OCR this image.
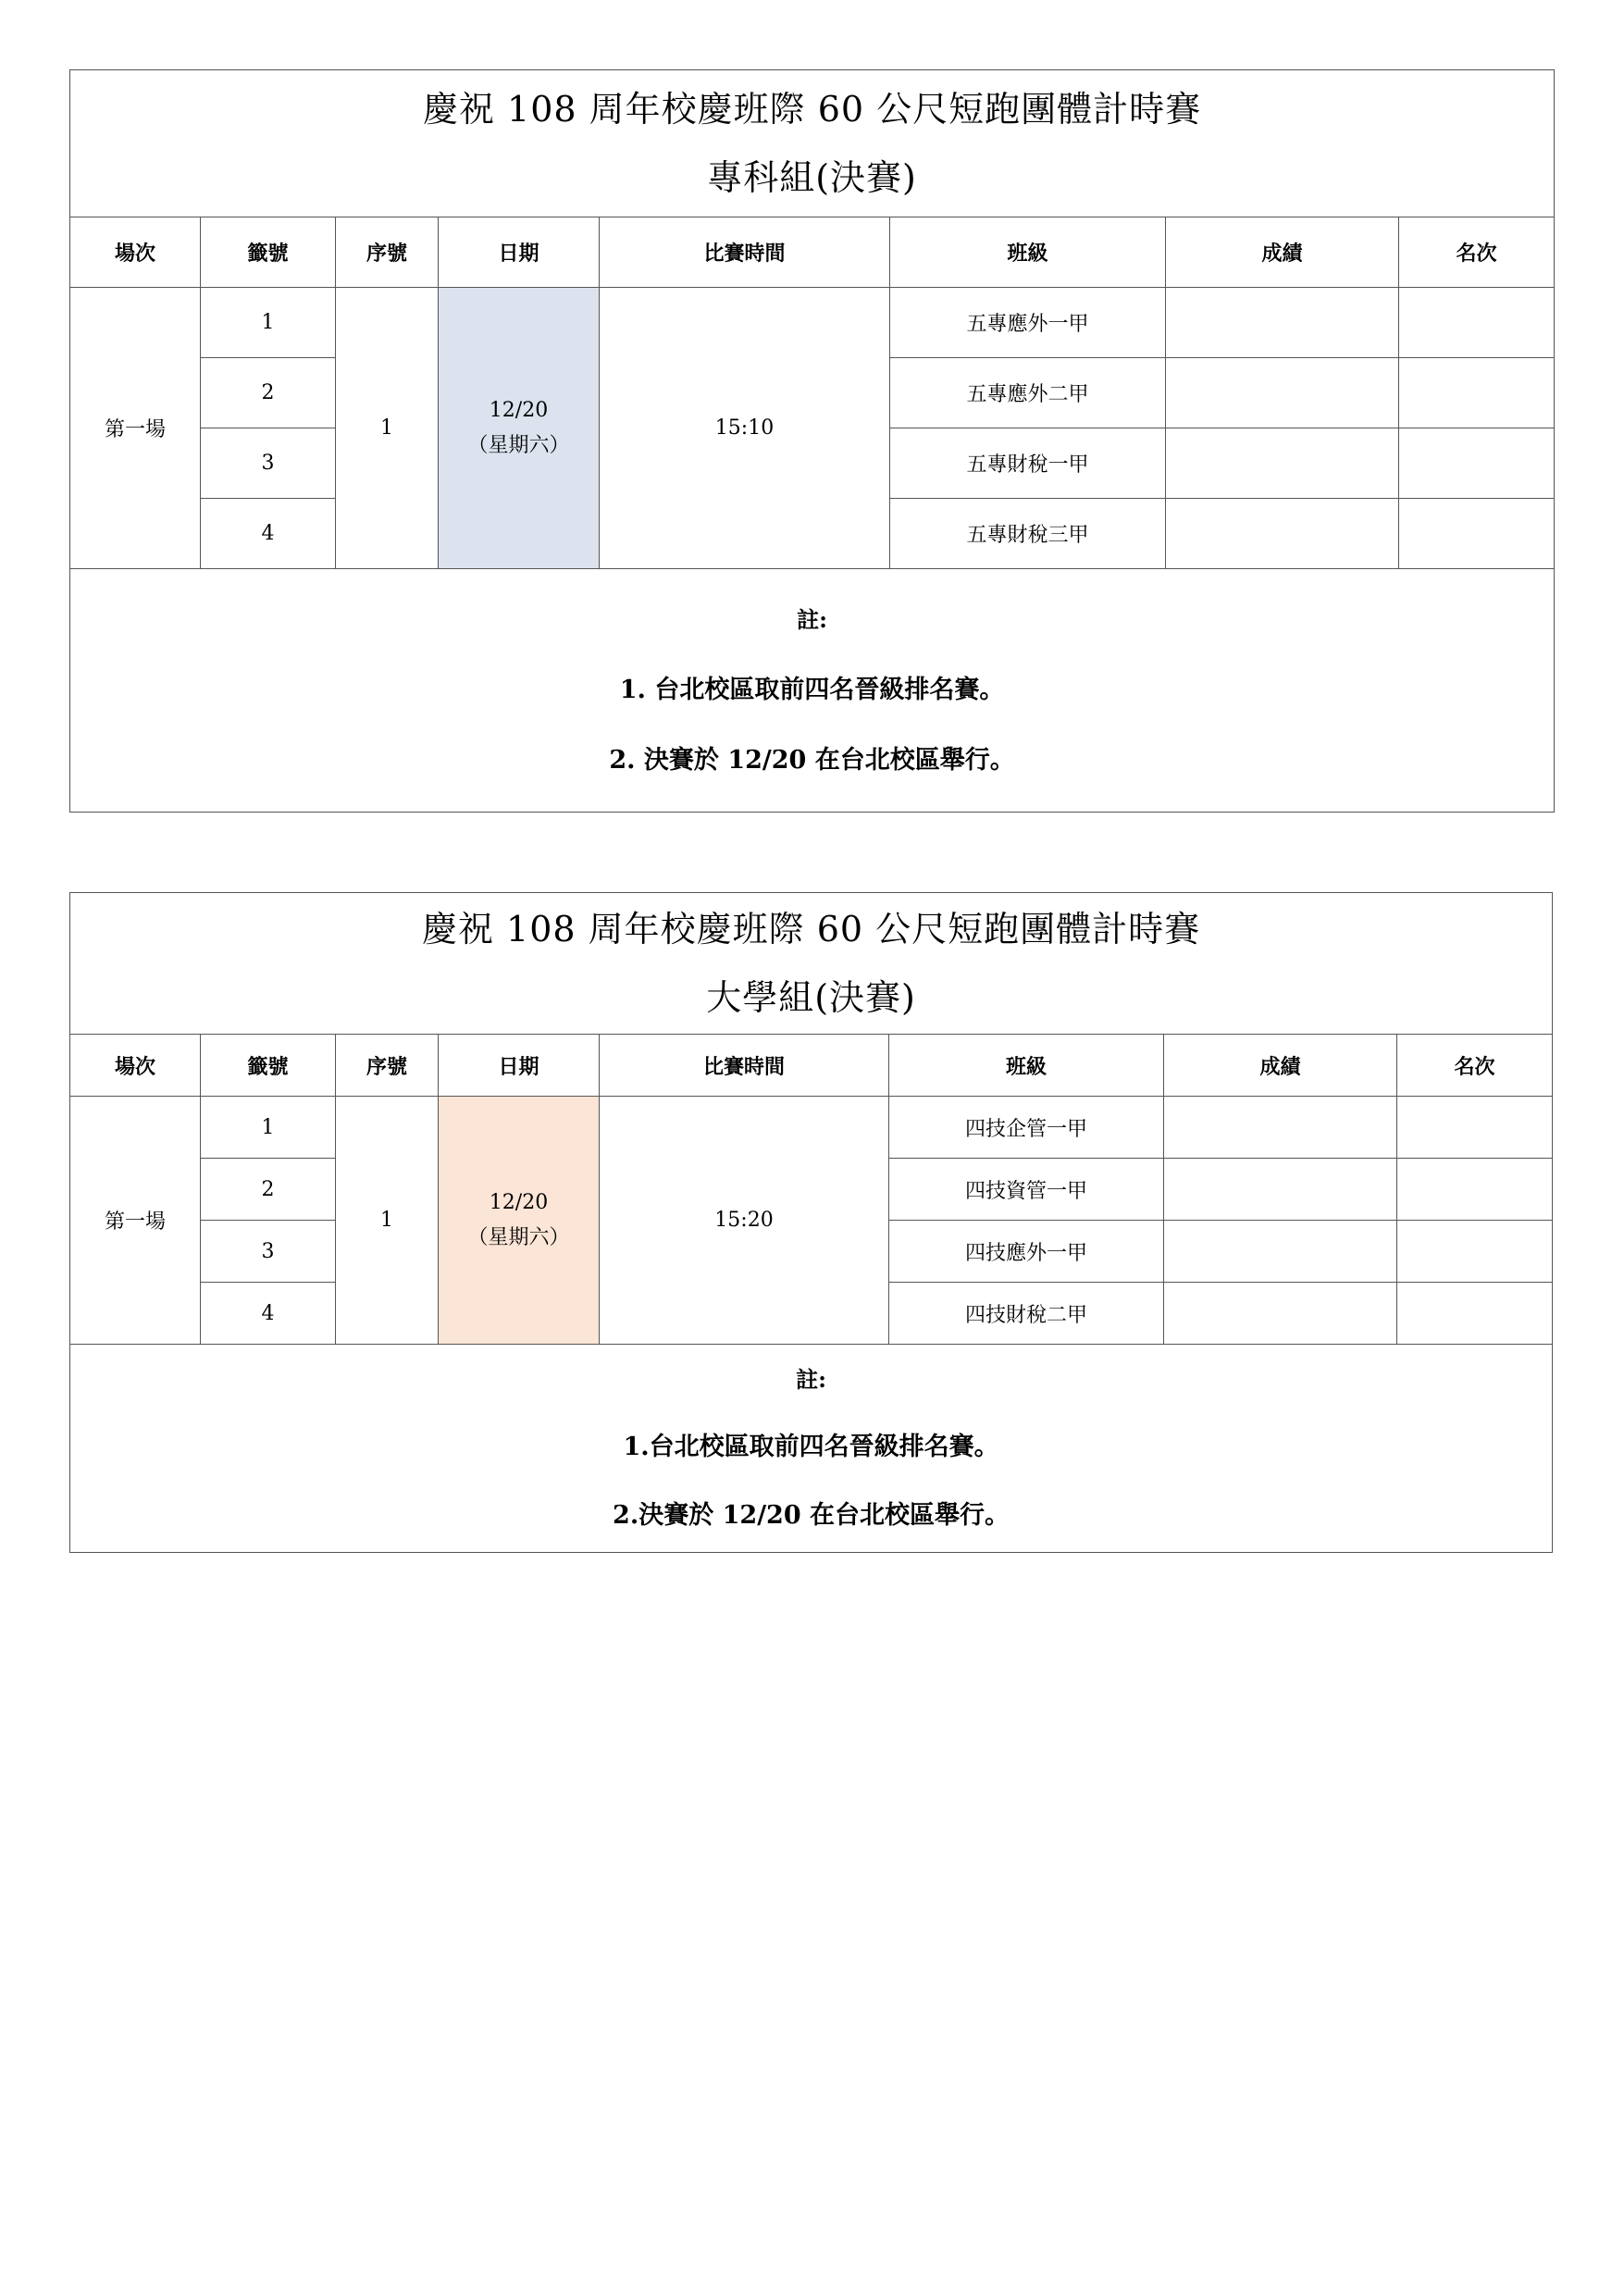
慶祝 108 周年校慶班際 60 公尺短跑團體計時賽
專科組(決賽)							

場次	籤號	序號	日期	比賽時間	班級	成績	名次
第一場	1	1	12/20
（星期六）	15:10	五專應外一甲		
	2				五專應外二甲		
	3				五專財稅一甲		
	4				五專財稅三甲		

註:
1. 台北校區取前四名晉級排名賽。
2. 決賽於 12/20 在台北校區舉行。							
慶祝 108 周年校慶班際 60 公尺短跑團體計時賽
大學組(決賽)							

場次	籤號	序號	日期	比賽時間	班級	成績	名次
第一場	1	1	12/20
（星期六）	15:20	四技企管一甲		
	2				四技資管一甲		
	3				四技應外一甲		
	4				四技財稅二甲		

註:
1.台北校區取前四名晉級排名賽。
2.決賽於 12/20 在台北校區舉行。							
